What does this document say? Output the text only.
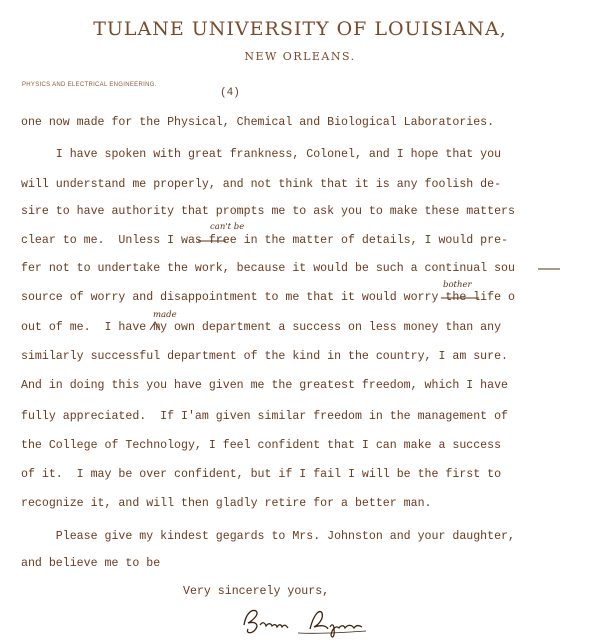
TULANE UNIVERSITY OF LOUISIANA,
NEW ORLEANS.
PHYSICS AND ELECTRICAL ENGINEERING.
(4)
one now made for the Physical, Chemical and Biological Laboratories.
I have spoken with great frankness, Colonel, and I hope that you
will understand me properly, and not think that it is any foolish de-
sire to have authority that prompts me to ask you to make these matters
clear to me.  Unless I was free in the matter of details, I would pre-
fer not to undertake the work, because it would be such a continual sou
source of worry and disappointment to me that it would worry the life o
out of me.  I have my own department a success on less money than any
similarly successful department of the kind in the country, I am sure.
And in doing this you have given me the greatest freedom, which I have
fully appreciated.  If I'am given similar freedom in the management of
the College of Technology, I feel confident that I can make a success
of it.  I may be over confident, but if I fail I will be the first to
recognize it, and will then gladly retire for a better man.
Please give my kindest gegards to Mrs. Johnston and your daughter,
and believe me to be
can't be
bother
made
Very sincerely yours,
